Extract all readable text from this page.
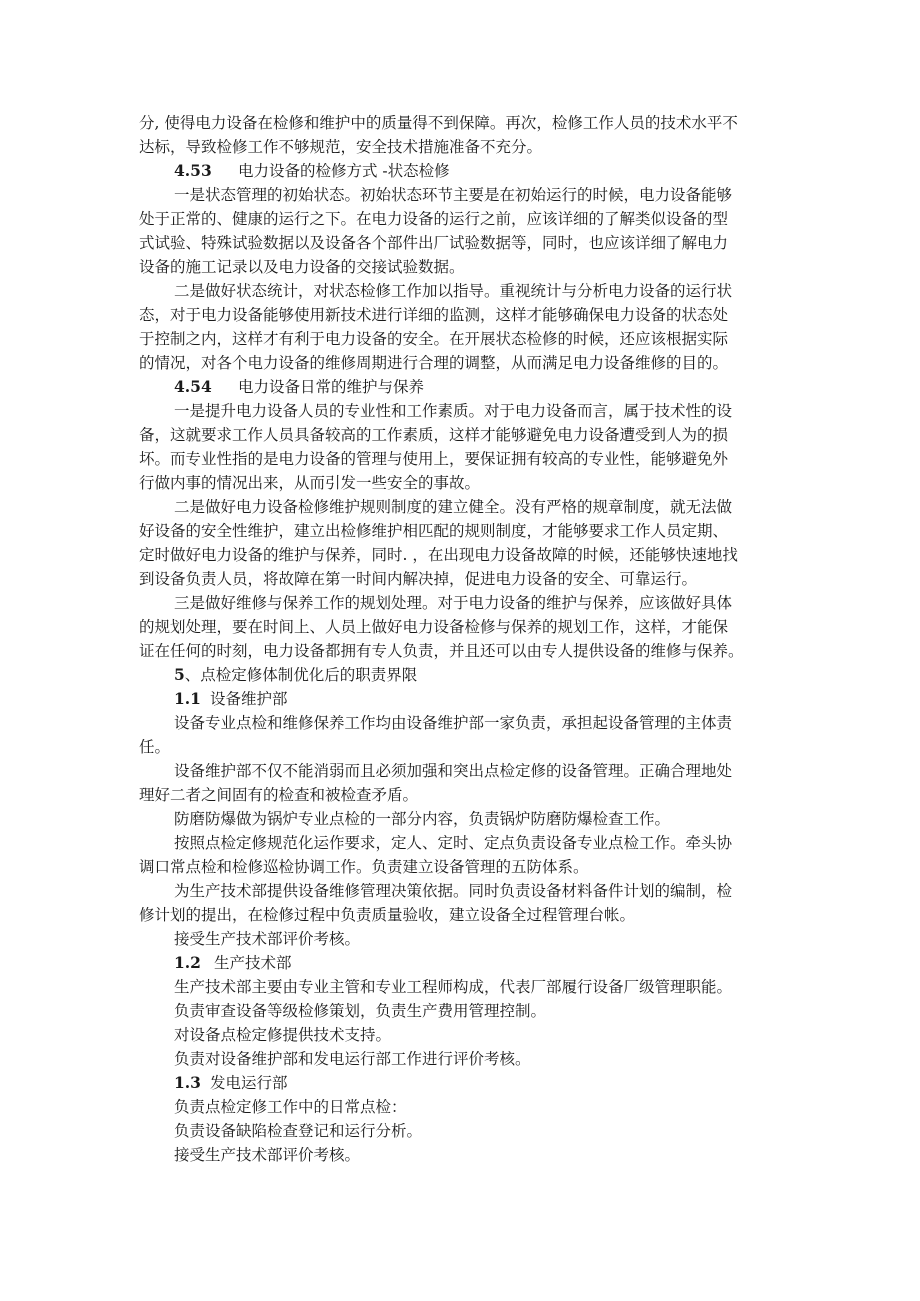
分, 使得电力设备在检修和维护中的质量得不到保障。再次，检修工作人员的技术水平不

达标，导致检修工作不够规范，安全技术措施准备不充分。

4.53 电力设备的检修方式 -状态检修

一是状态管理的初始状态。初始状态环节主要是在初始运行的时候，电力设备能够

处于正常的、健康的运行之下。在电力设备的运行之前，应该详细的了解类似设备的型

式试验、特殊试验数据以及设备各个部件出厂试验数据等，同时，也应该详细了解电力

设备的施工记录以及电力设备的交接试验数据。

二是做好状态统计，对状态检修工作加以指导。重视统计与分析电力设备的运行状

态，对于电力设备能够使用新技术进行详细的监测，这样才能够确保电力设备的状态处

于控制之内，这样才有利于电力设备的安全。在开展状态检修的时候，还应该根据实际

的情况，对各个电力设备的维修周期进行合理的调整，从而满足电力设备维修的目的。

4.54 电力设备日常的维护与保养

一是提升电力设备人员的专业性和工作素质。对于电力设备而言，属于技术性的设

备，这就要求工作人员具备较高的工作素质，这样才能够避免电力设备遭受到人为的损

坏。而专业性指的是电力设备的管理与使用上，要保证拥有较高的专业性，能够避免外

行做内事的情况出来，从而引发一些安全的事故。

二是做好电力设备检修维护规则制度的建立健全。没有严格的规章制度，就无法做

好设备的安全性维护，建立出检修维护相匹配的规则制度，才能够要求工作人员定期、

定时做好电力设备的维护与保养，同时. ，在出现电力设备故障的时候，还能够快速地找

到设备负责人员，将故障在第一时间内解决掉，促进电力设备的安全、可靠运行。

三是做好维修与保养工作的规划处理。对于电力设备的维护与保养，应该做好具体

的规划处理，要在时间上、人员上做好电力设备检修与保养的规划工作，这样，才能保

证在任何的时刻，电力设备都拥有专人负责，并且还可以由专人提供设备的维修与保养。

5、点检定修体制优化后的职责界限

1.1 设备维护部

设备专业点检和维修保养工作均由设备维护部一家负责，承担起设备管理的主体责

任。

设备维护部不仅不能消弱而且必须加强和突出点检定修的设备管理。正确合理地处

理好二者之间固有的检查和被检查矛盾。

防磨防爆做为锅炉专业点检的一部分内容，负责锅炉防磨防爆检查工作。

按照点检定修规范化运作要求，定人、定时、定点负责设备专业点检工作。牵头协

调口常点检和检修巡检协调工作。负责建立设备管理的五防体系。

为生产技术部提供设备维修管理决策依据。同时负责设备材料备件计划的编制，检

修计划的提出，在检修过程中负责质量验收，建立设备全过程管理台帐。

接受生产技术部评价考核。

1.2 生产技术部

生产技术部主要由专业主管和专业工程师构成，代表厂部履行设备厂级管理职能。

负责审查设备等级检修策划，负责生产费用管理控制。

对设备点检定修提供技术支持。

负责对设备维护部和发电运行部工作进行评价考核。

1.3 发电运行部

负责点检定修工作中的日常点检：

负责设备缺陷检查登记和运行分析。

接受生产技术部评价考核。
